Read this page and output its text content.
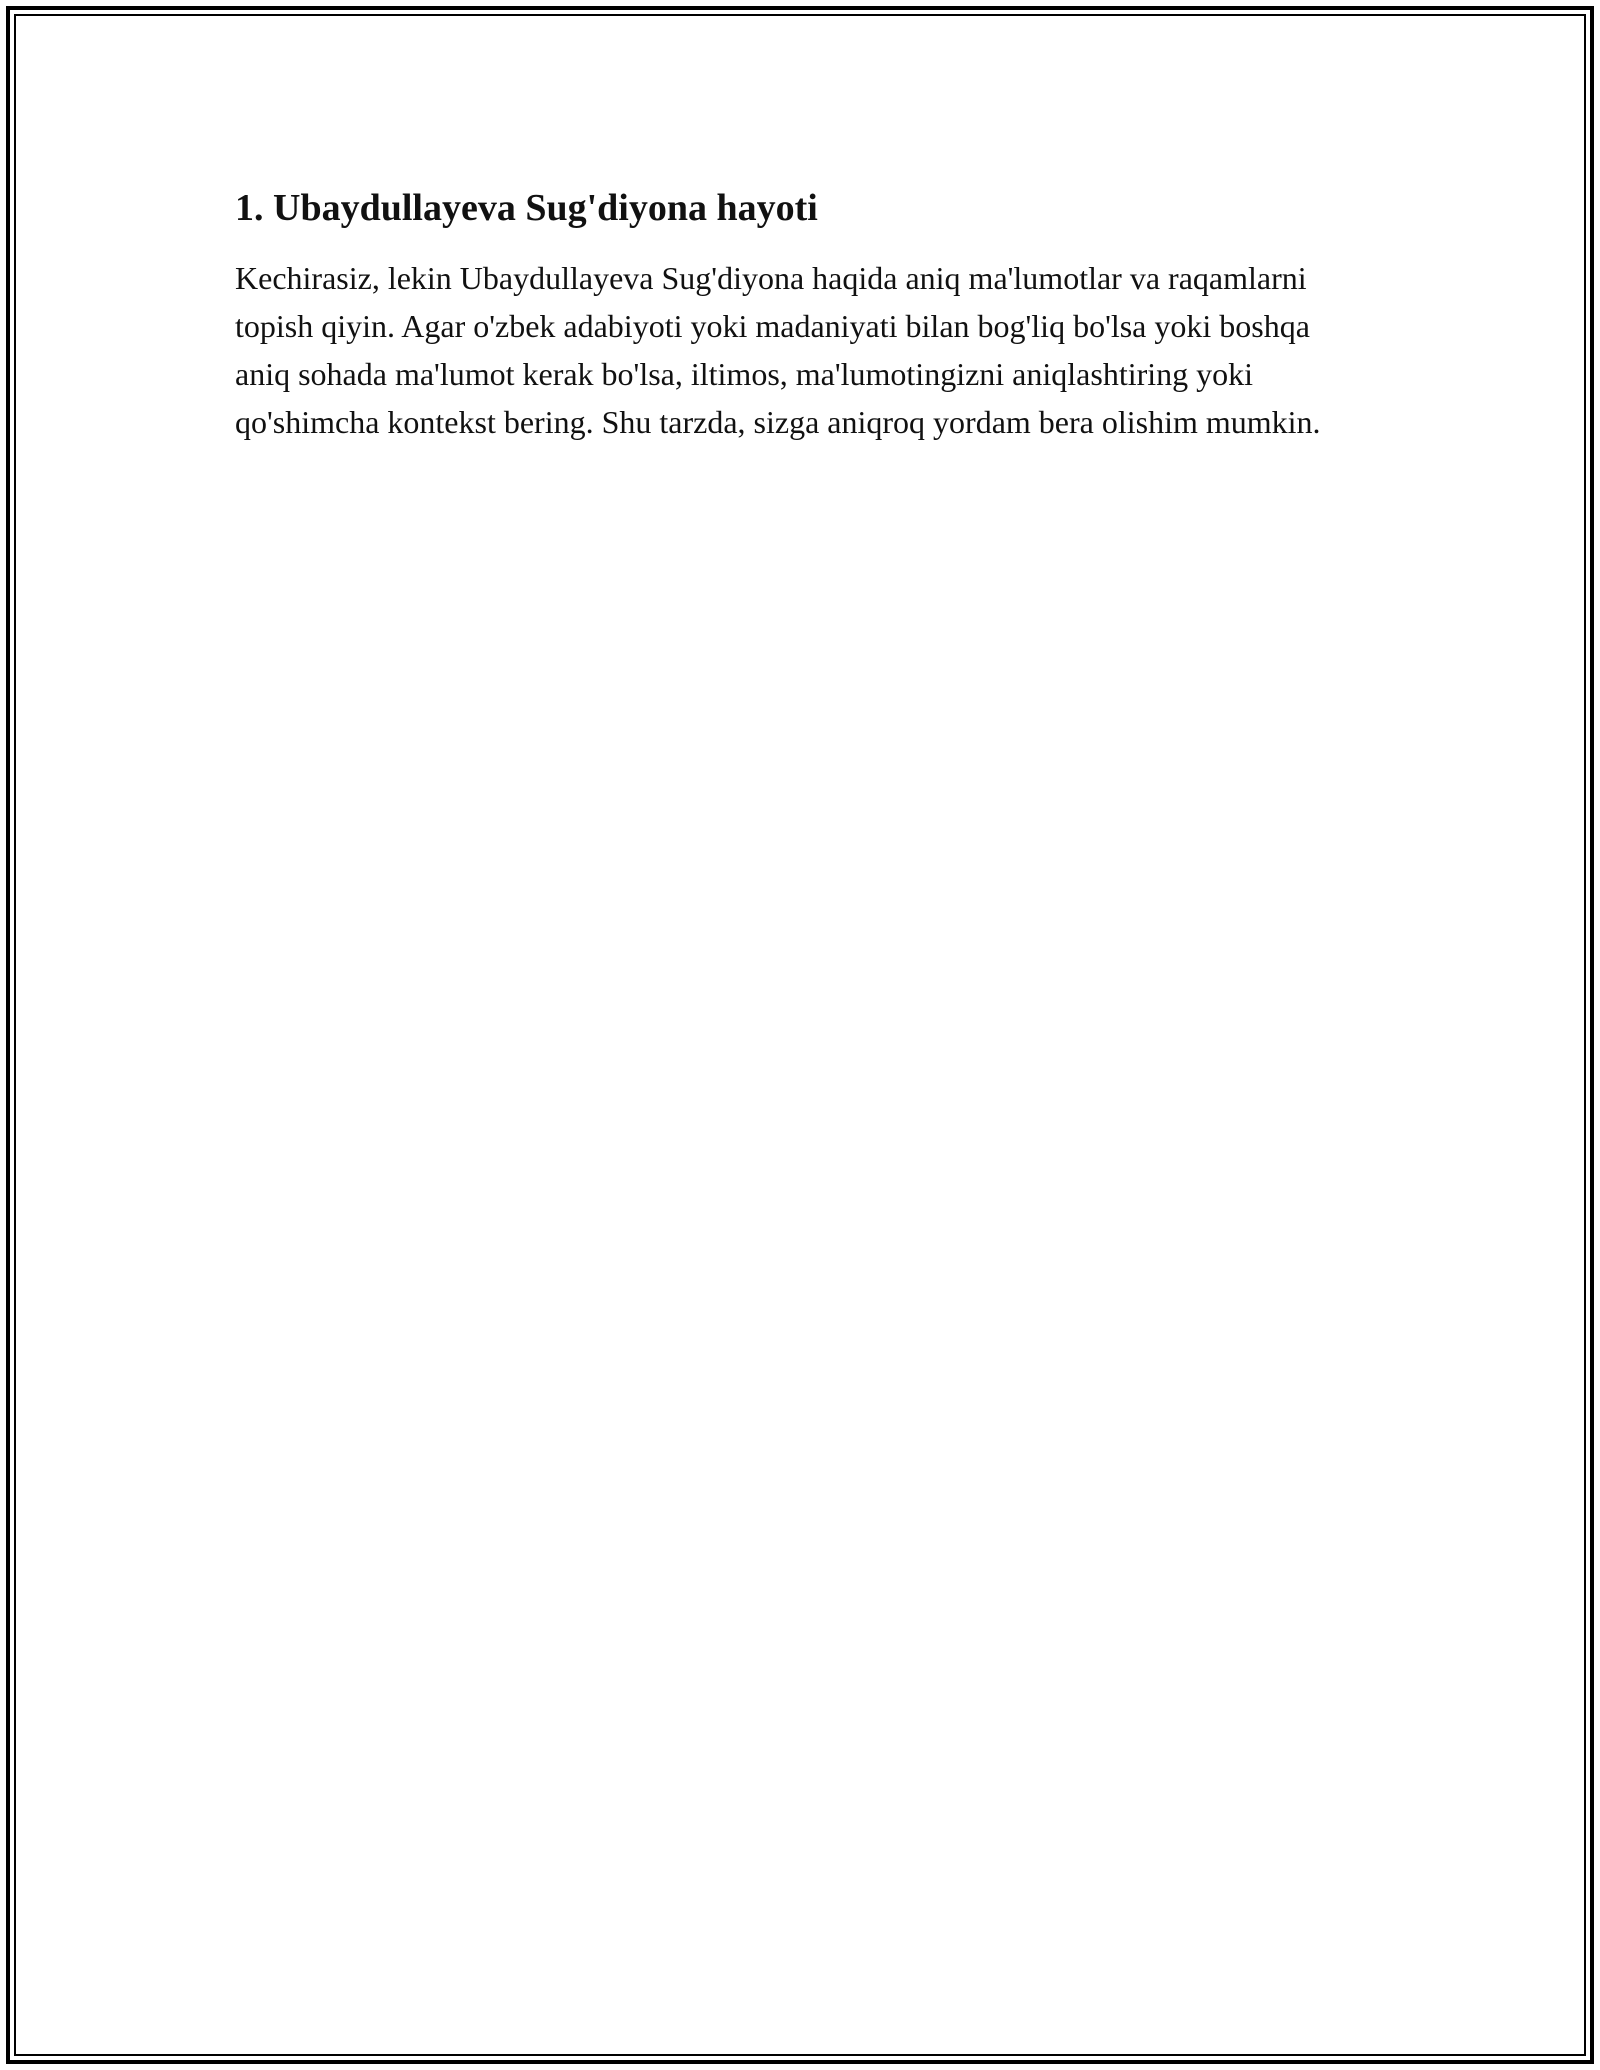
1. Ubaydullayeva Sug'diyona hayoti

Kechirasiz, lekin Ubaydullayeva Sug'diyona haqida aniq ma'lumotlar va raqamlarni topish qiyin. Agar o'zbek adabiyoti yoki madaniyati bilan bog'liq bo'lsa yoki boshqa aniq sohada ma'lumot kerak bo'lsa, iltimos, ma'lumotingizni aniqlashtiring yoki qo'shimcha kontekst bering. Shu tarzda, sizga aniqroq yordam bera olishim mumkin.
